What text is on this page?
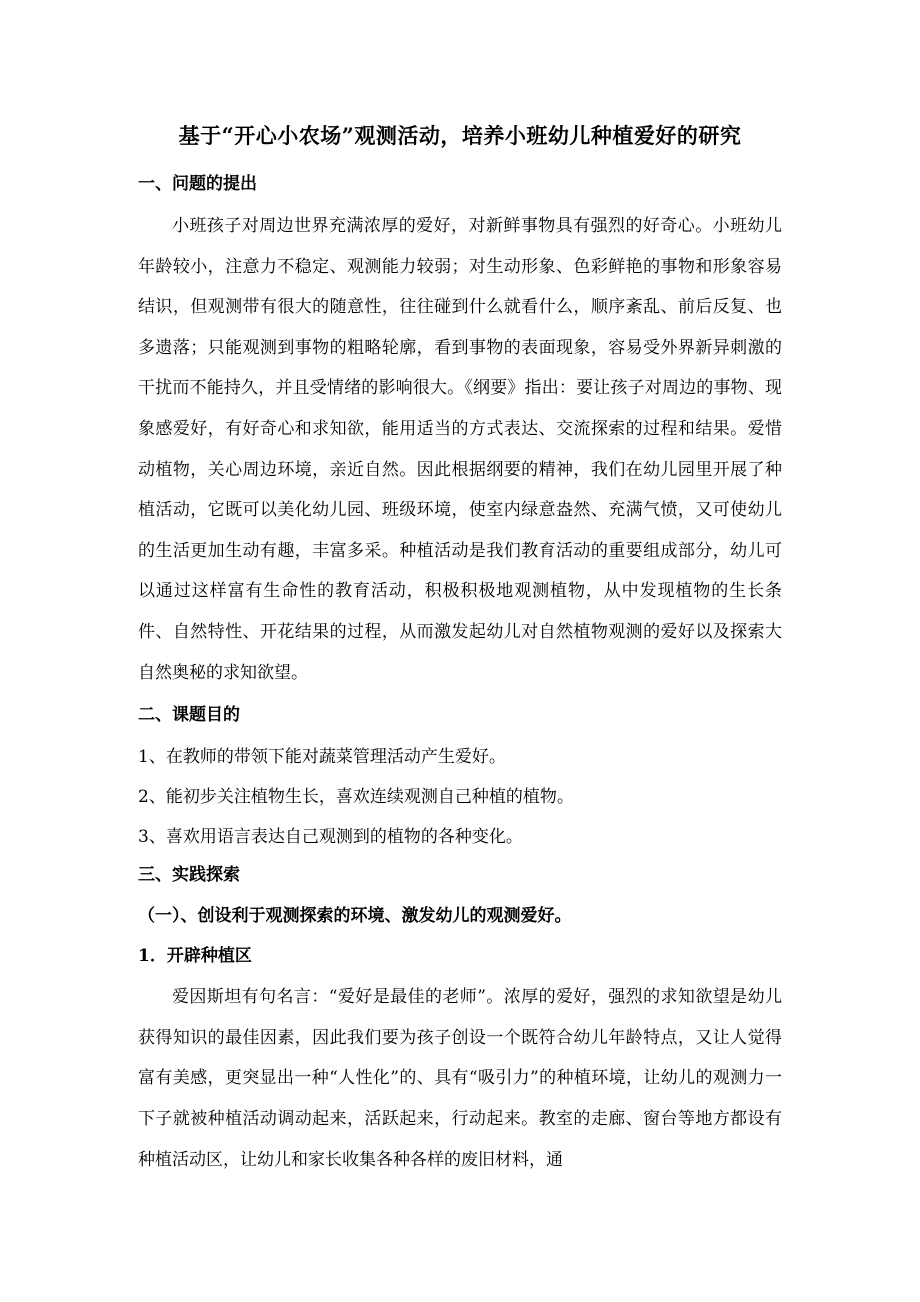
基于“开心小农场”观测活动，培养小班幼儿种植爱好的研究
一、问题的提出

小班孩子对周边世界充满浓厚的爱好，对新鲜事物具有强烈的好奇心。小班幼儿年龄较小，注意力不稳定、观测能力较弱；对生动形象、色彩鲜艳的事物和形象容易结识，但观测带有很大的随意性，往往碰到什么就看什么，顺序紊乱、前后反复、也多遗落；只能观测到事物的粗略轮廓，看到事物的表面现象，容易受外界新异刺激的干扰而不能持久，并且受情绪的影响很大。《纲要》指出：要让孩子对周边的事物、现象感爱好，有好奇心和求知欲，能用适当的方式表达、交流探索的过程和结果。爱惜动植物，关心周边环境，亲近自然。因此根据纲要的精神，我们在幼儿园里开展了种植活动，它既可以美化幼儿园、班级环境，使室内绿意盎然、充满气愤，又可使幼儿的生活更加生动有趣，丰富多采。种植活动是我们教育活动的重要组成部分，幼儿可以通过这样富有生命性的教育活动，积极积极地观测植物，从中发现植物的生长条件、自然特性、开花结果的过程，从而激发起幼儿对自然植物观测的爱好以及探索大自然奥秘的求知欲望。

二、课题目的

1、在教师的带领下能对蔬菜管理活动产生爱好。

2、能初步关注植物生长，喜欢连续观测自己种植的植物。

3、喜欢用语言表达自己观测到的植物的各种变化。

三、实践探索
（一）、创设利于观测探索的环境、激发幼儿的观测爱好。
1．开辟种植区

爱因斯坦有句名言：“爱好是最佳的老师”。浓厚的爱好，强烈的求知欲望是幼儿获得知识的最佳因素，因此我们要为孩子创设一个既符合幼儿年龄特点，又让人觉得富有美感，更突显出一种“人性化”的、具有“吸引力”的种植环境，让幼儿的观测力一下子就被种植活动调动起来，活跃起来，行动起来。教室的走廊、窗台等地方都设有种植活动区，让幼儿和家长收集各种各样的废旧材料，通
